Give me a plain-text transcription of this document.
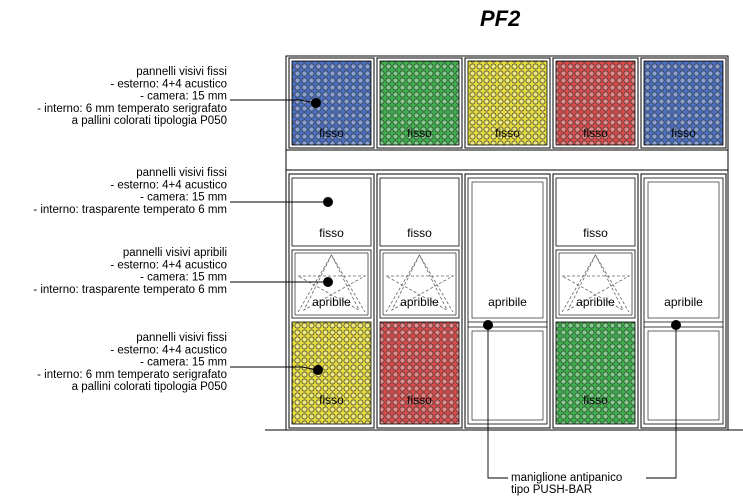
PF2
fisso	fisso	fisso	fisso	fisso
fisso	fisso	fisso
apribile	apribile	apribile
apribile	apribile
fisso	fisso	fisso
pannelli visivi fissi
- esterno: 4+4 acustico
- camera: 15 mm
- interno: 6 mm temperato serigrafato
a pallini colorati tipologia P050
pannelli visivi fissi
- esterno: 4+4 acustico
- camera: 15 mm
- interno: trasparente temperato 6 mm
pannelli visivi apribili
- esterno: 4+4 acustico
- camera: 15 mm
- interno: trasparente temperato 6 mm
pannelli visivi fissi
- esterno: 4+4 acustico
- camera: 15 mm
- interno: 6 mm temperato serigrafato
a pallini colorati tipologia P050
maniglione antipanico
tipo PUSH-BAR
